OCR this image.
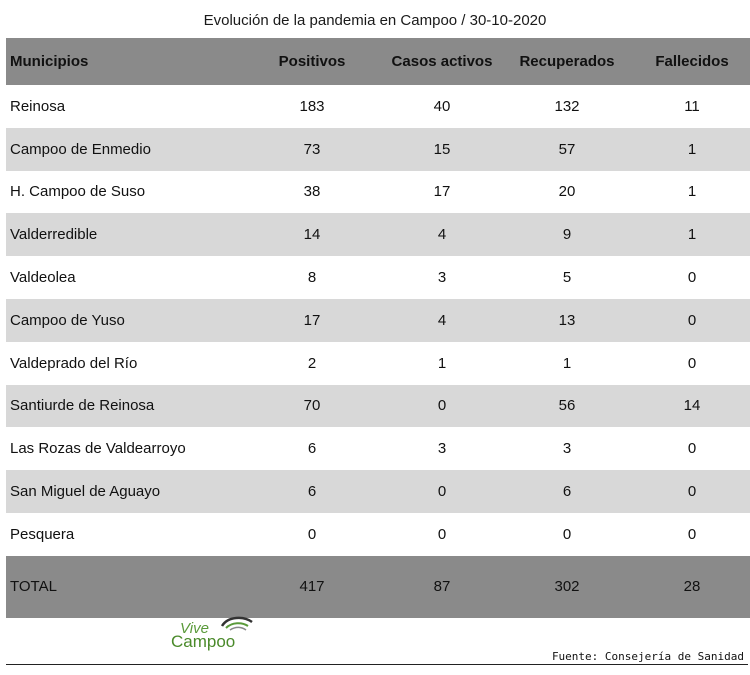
Evolución de la pandemia en Campoo / 30-10-2020
Municipios	Positivos	Casos activos	Recuperados	Fallecidos
Reinosa	183	40	132	11
Campoo de Enmedio	73	15	57	1
H. Campoo de Suso	38	17	20	1
Valderredible	14	4	9	1
Valdeolea	8	3	5	0
Campoo de Yuso	17	4	13	0
Valdeprado del Río	2	1	1	0
Santiurde de Reinosa	70	0	56	14
Las Rozas de Valdearroyo	6	3	3	0
San Miguel de Aguayo	6	0	6	0
Pesquera	0	0	0	0
TOTAL	417	87	302	28
Vive
Campoo
Fuente: Consejería de Sanidad
